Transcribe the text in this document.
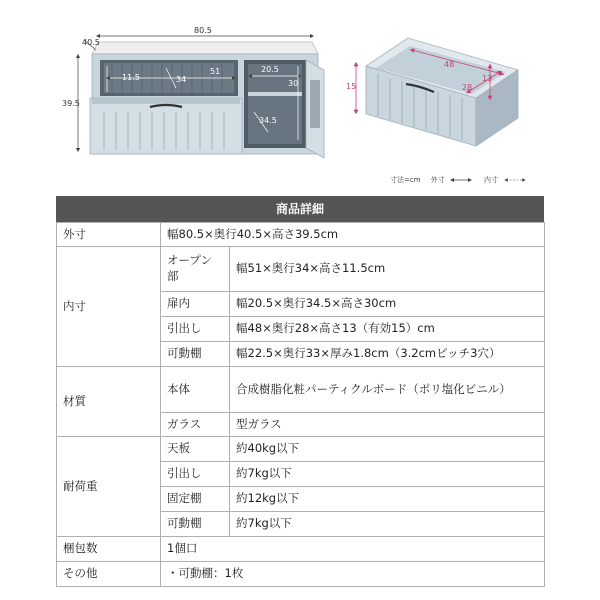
80.5
40.5
39.5
11.5
51
34
20.5
30
34.5
48
28
13
15
寸法=cm 外寸	内寸
商品詳細
外寸	幅80.5×奥行40.5×高さ39.5cm	
内寸	オープン部	幅51×奥行34×高さ11.5cm
	扉内	幅20.5×奥行34.5×高さ30cm
	引出し	幅48×奥行28×高さ13（有効15）cm
	可動棚	幅22.5×奥行33×厚み1.8cm（3.2cmピッチ3穴）
材質	本体	合成樹脂化粧パーティクルボード（ポリ塩化ビニル）
	ガラス	型ガラス
耐荷重	天板	約40kg以下
	引出し	約7kg以下
	固定棚	約12kg以下
	可動棚	約7kg以下
梱包数	1個口	
その他	・可動棚：1枚	
